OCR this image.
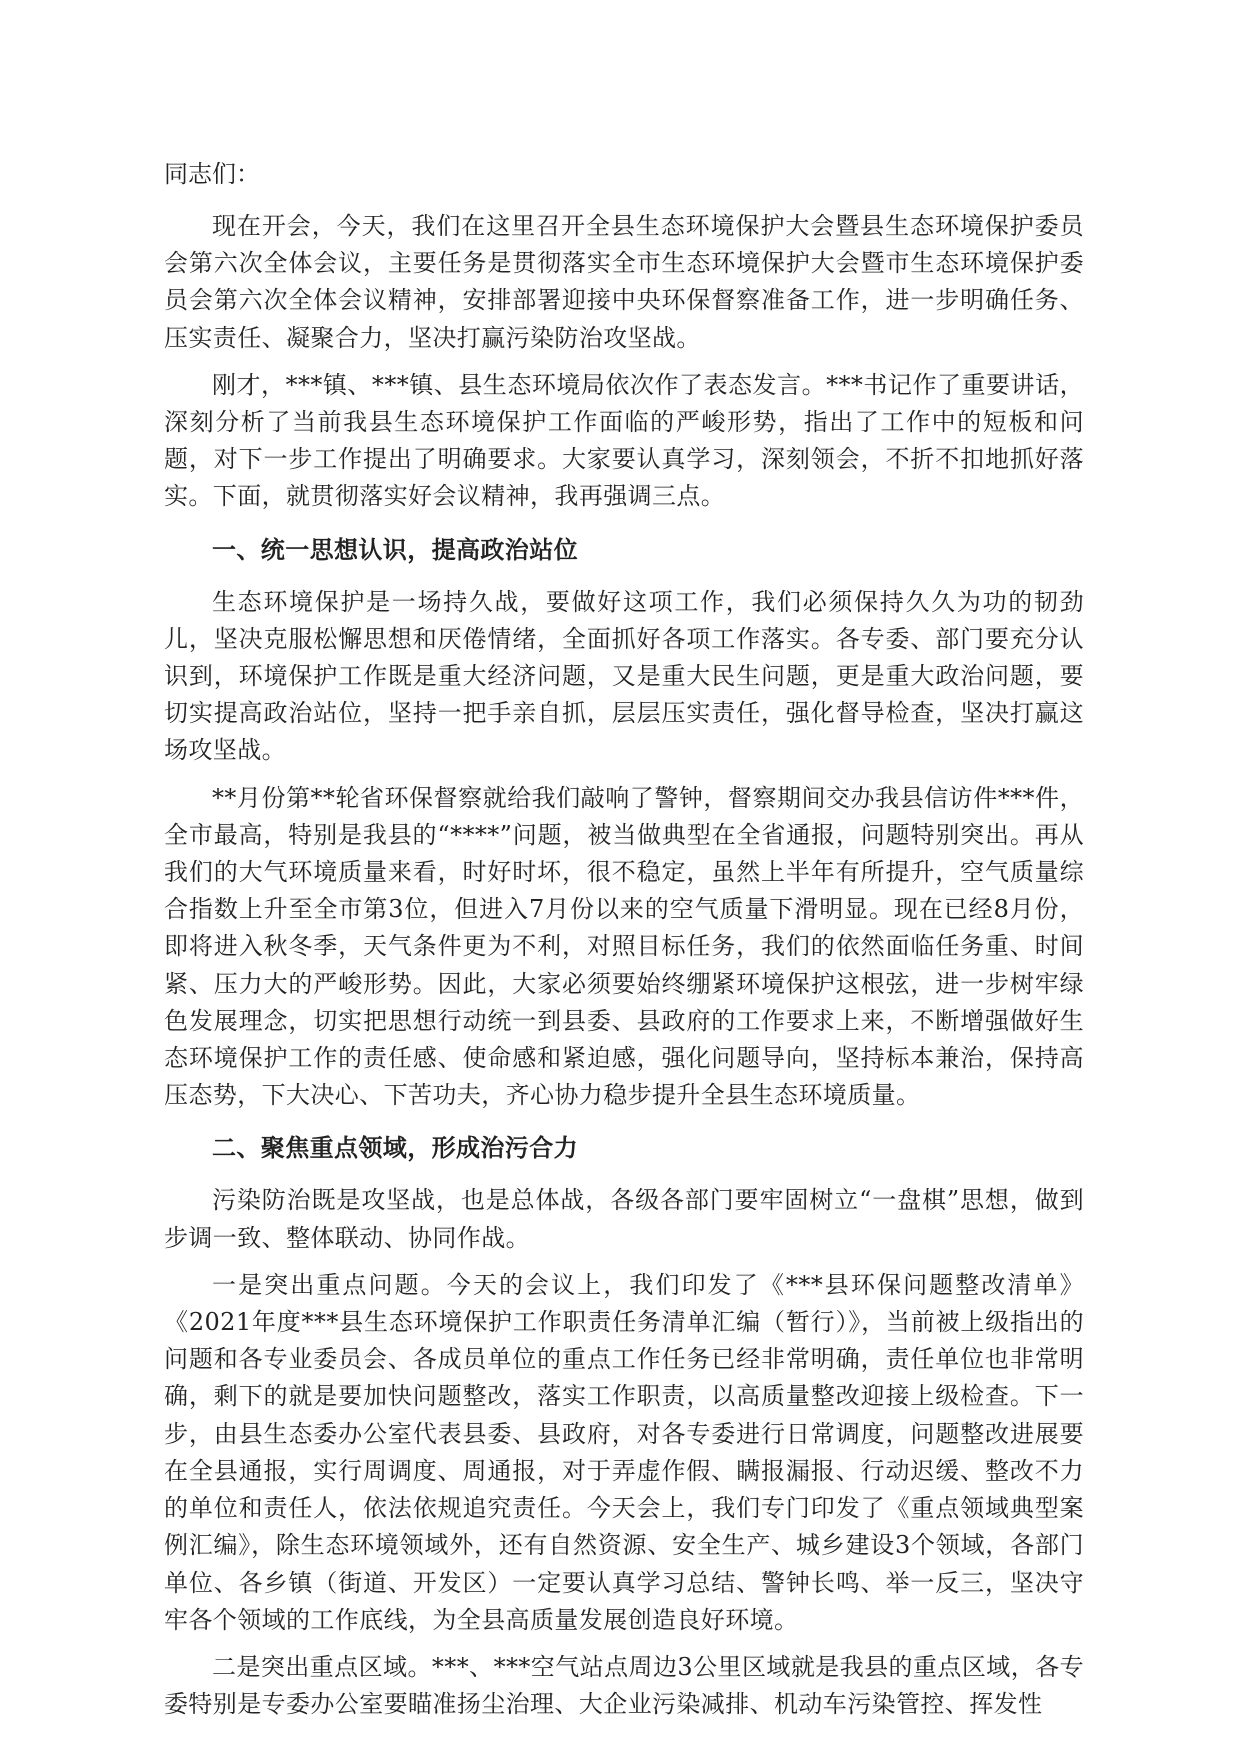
同志们：

现在开会，今天，我们在这里召开全县生态环境保护大会暨县生态环境保护委员会第六次全体会议，主要任务是贯彻落实全市生态环境保护大会暨市生态环境保护委员会第六次全体会议精神，安排部署迎接中央环保督察准备工作，进一步明确任务、压实责任、凝聚合力，坚决打赢污染防治攻坚战。

刚才，***镇、***镇、县生态环境局依次作了表态发言。***书记作了重要讲话，深刻分析了当前我县生态环境保护工作面临的严峻形势，指出了工作中的短板和问题，对下一步工作提出了明确要求。大家要认真学习，深刻领会，不折不扣地抓好落实。下面，就贯彻落实好会议精神，我再强调三点。

一、统一思想认识，提高政治站位

生态环境保护是一场持久战，要做好这项工作，我们必须保持久久为功的韧劲儿，坚决克服松懈思想和厌倦情绪，全面抓好各项工作落实。各专委、部门要充分认识到，环境保护工作既是重大经济问题，又是重大民生问题，更是重大政治问题，要切实提高政治站位，坚持一把手亲自抓，层层压实责任，强化督导检查，坚决打赢这场攻坚战。

**月份第**轮省环保督察就给我们敲响了警钟，督察期间交办我县信访件***件，全市最高，特别是我县的“****”问题，被当做典型在全省通报，问题特别突出。再从我们的大气环境质量来看，时好时坏，很不稳定，虽然上半年有所提升，空气质量综合指数上升至全市第3位，但进入7月份以来的空气质量下滑明显。现在已经8月份，即将进入秋冬季，天气条件更为不利，对照目标任务，我们的依然面临任务重、时间紧、压力大的严峻形势。因此，大家必须要始终绷紧环境保护这根弦，进一步树牢绿色发展理念，切实把思想行动统一到县委、县政府的工作要求上来，不断增强做好生态环境保护工作的责任感、使命感和紧迫感，强化问题导向，坚持标本兼治，保持高压态势，下大决心、下苦功夫，齐心协力稳步提升全县生态环境质量。

二、聚焦重点领域，形成治污合力

污染防治既是攻坚战，也是总体战，各级各部门要牢固树立“一盘棋”思想，做到步调一致、整体联动、协同作战。

一是突出重点问题。今天的会议上，我们印发了《***县环保问题整改清单》《2021年度***县生态环境保护工作职责任务清单汇编（暂行）》，当前被上级指出的问题和各专业委员会、各成员单位的重点工作任务已经非常明确，责任单位也非常明确，剩下的就是要加快问题整改，落实工作职责，以高质量整改迎接上级检查。下一步，由县生态委办公室代表县委、县政府，对各专委进行日常调度，问题整改进展要在全县通报，实行周调度、周通报，对于弄虚作假、瞒报漏报、行动迟缓、整改不力的单位和责任人，依法依规追究责任。今天会上，我们专门印发了《重点领域典型案例汇编》，除生态环境领域外，还有自然资源、安全生产、城乡建设3个领域，各部门单位、各乡镇（街道、开发区）一定要认真学习总结、警钟长鸣、举一反三，坚决守牢各个领域的工作底线，为全县高质量发展创造良好环境。

二是突出重点区域。***、***空气站点周边3公里区域就是我县的重点区域，各专委特别是专委办公室要瞄准扬尘治理、大企业污染减排、机动车污染管控、挥发性
